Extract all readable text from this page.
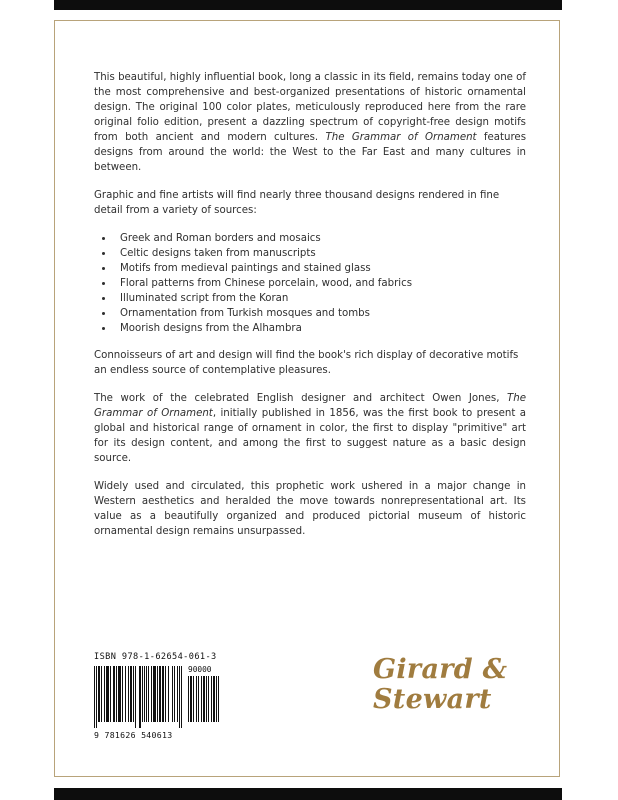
This beautiful, highly influential book, long a classic in its field, remains today one of the most comprehensive and best-organized presentations of historic ornamental design. The original 100 color plates, meticulously reproduced here from the rare original folio edition, present a dazzling spectrum of copyright-free design motifs from both ancient and modern cultures. The Grammar of Ornament features designs from around the world: the West to the Far East and many cultures in between.

Graphic and fine artists will find nearly three thousand designs rendered in fine detail from a variety of sources:

Greek and Roman borders and mosaics
Celtic designs taken from manuscripts
Motifs from medieval paintings and stained glass
Floral patterns from Chinese porcelain, wood, and fabrics
Illuminated script from the Koran
Ornamentation from Turkish mosques and tombs
Moorish designs from the Alhambra

Connoisseurs of art and design will find the book's rich display of decorative motifs an endless source of contemplative pleasures.

The work of the celebrated English designer and architect Owen Jones, The Grammar of Ornament, initially published in 1856, was the first book to present a global and historical range of ornament in color, the first to display "primitive" art for its design content, and among the first to suggest nature as a basic design source.

Widely used and circulated, this prophetic work ushered in a major change in Western aesthetics and heralded the move towards nonrepresentational art. Its value as a beautifully organized and produced pictorial museum of historic ornamental design remains unsurpassed.

ISBN 978-1-62654-061-3
90000
9 781626 540613
Girard &
Stewart
